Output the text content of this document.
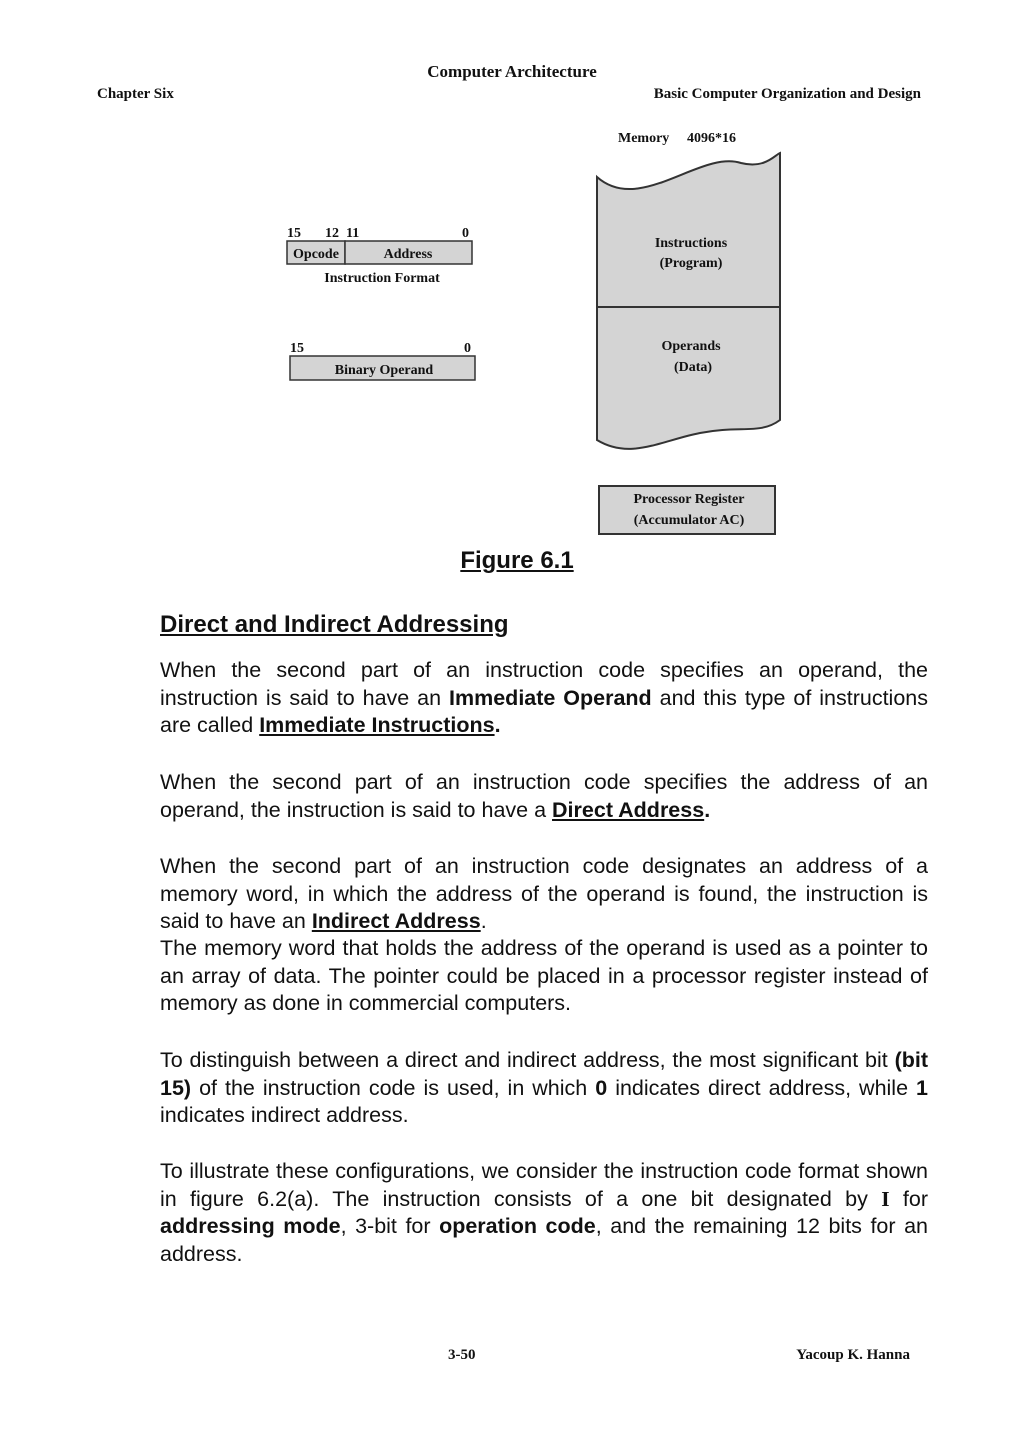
Computer Architecture
Chapter Six	Basic Computer Organization and Design
15 12 11	0
Opcode	Address
Instruction Format
15	0
Binary Operand
Memory 4096*16
Instructions
(Program)
Operands
(Data)
Processor Register
(Accumulator AC)
Figure 6.1
Direct and Indirect Addressing
When the second part of an instruction code specifies an operand, the instruction is said to have an Immediate Operand and this type of instructions are called Immediate Instructions.
When the second part of an instruction code specifies the address of an operand, the instruction is said to have a Direct Address.
When the second part of an instruction code designates an address of a memory word, in which the address of the operand is found, the instruction is said to have an Indirect Address.
The memory word that holds the address of the operand is used as a pointer to an array of data. The pointer could be placed in a processor register instead of memory as done in commercial computers.
To distinguish between a direct and indirect address, the most significant bit (bit 15) of the instruction code is used, in which 0 indicates direct address, while 1 indicates indirect address.
To illustrate these configurations, we consider the instruction code format shown in figure 6.2(a). The instruction consists of a one bit designated by I for addressing mode, 3-bit for operation code, and the remaining 12 bits for an address.
3-50	Yacoup K. Hanna
